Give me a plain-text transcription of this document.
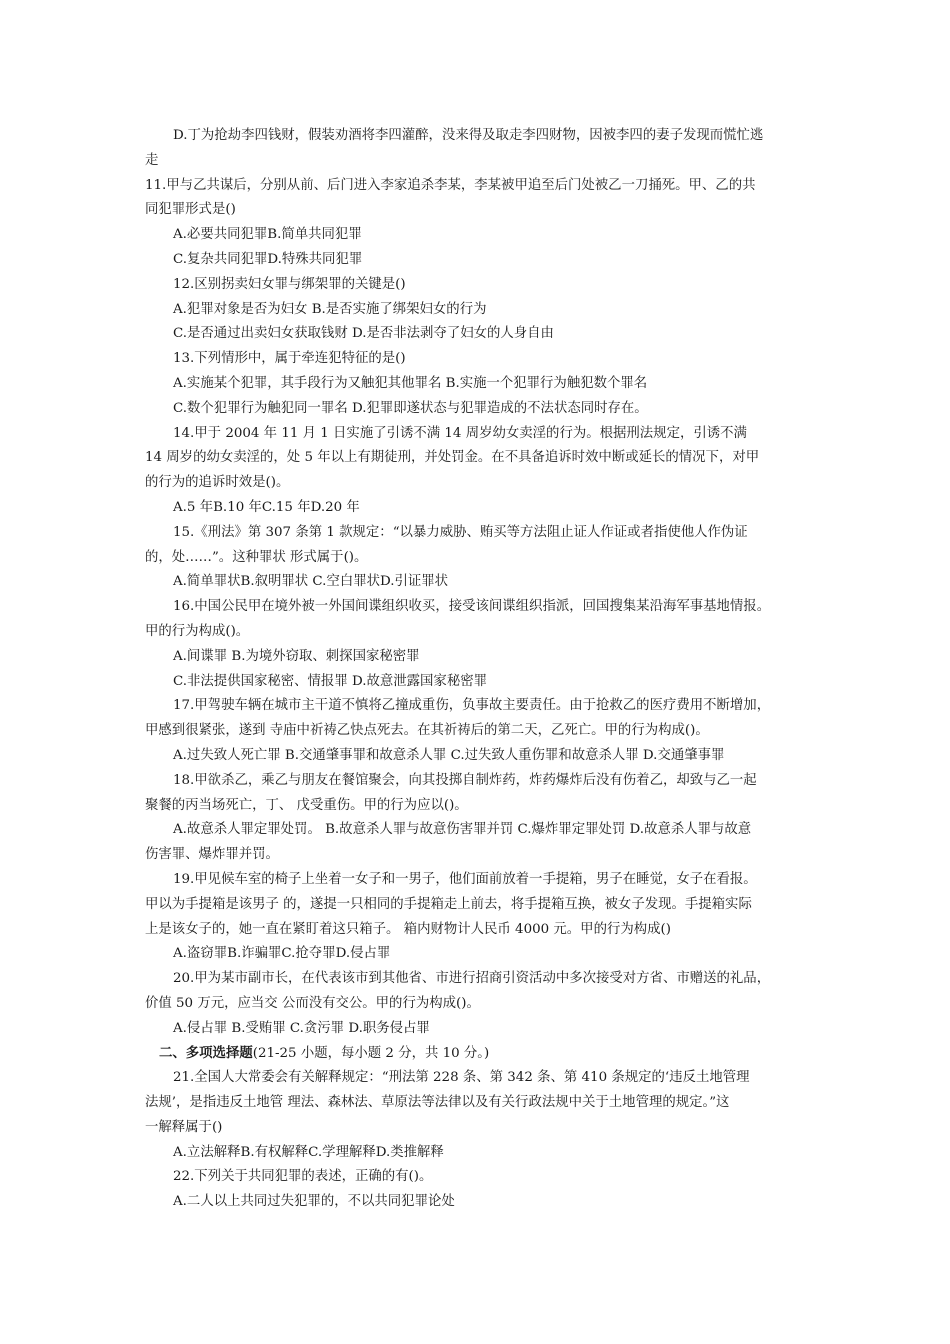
D.丁为抢劫李四钱财，假装劝酒将李四灌醉，没来得及取走李四财物，因被李四的妻子发现而慌忙逃
走
11.甲与乙共谋后，分别从前、后门进入李家追杀李某，李某被甲追至后门处被乙一刀捅死。甲、乙的共
同犯罪形式是()
A.必要共同犯罪B.简单共同犯罪
C.复杂共同犯罪D.特殊共同犯罪
12.区别拐卖妇女罪与绑架罪的关键是()
A.犯罪对象是否为妇女 B.是否实施了绑架妇女的行为
C.是否通过出卖妇女获取钱财 D.是否非法剥夺了妇女的人身自由
13.下列情形中，属于牵连犯特征的是()
A.实施某个犯罪，其手段行为又触犯其他罪名 B.实施一个犯罪行为触犯数个罪名
C.数个犯罪行为触犯同一罪名 D.犯罪即遂状态与犯罪造成的不法状态同时存在。
14.甲于 2004 年 11 月 1 日实施了引诱不满 14 周岁幼女卖淫的行为。根据刑法规定，引诱不满
14 周岁的幼女卖淫的，处 5 年以上有期徒刑，并处罚金。在不具备追诉时效中断或延长的情况下，对甲
的行为的追诉时效是()。
A.5 年B.10 年C.15 年D.20 年
15.《刑法》第 307 条第 1 款规定：“以暴力威胁、贿买等方法阻止证人作证或者指使他人作伪证
的，处……”。这种罪状 形式属于()。
A.简单罪状B.叙明罪状 C.空白罪状D.引证罪状
16.中国公民甲在境外被一外国间谍组织收买，接受该间谍组织指派，回国搜集某沿海军事基地情报。
甲的行为构成()。
A.间谍罪 B.为境外窃取、刺探国家秘密罪
C.非法提供国家秘密、情报罪 D.故意泄露国家秘密罪
17.甲驾驶车辆在城市主干道不慎将乙撞成重伤，负事故主要责任。由于抢救乙的医疗费用不断增加，
甲感到很紧张，遂到 寺庙中祈祷乙快点死去。在其祈祷后的第二天，乙死亡。甲的行为构成()。
A.过失致人死亡罪 B.交通肇事罪和故意杀人罪 C.过失致人重伤罪和故意杀人罪 D.交通肇事罪
18.甲欲杀乙，乘乙与朋友在餐馆聚会，向其投掷自制炸药，炸药爆炸后没有伤着乙，却致与乙一起
聚餐的丙当场死亡，丁、 戊受重伤。甲的行为应以()。
A.故意杀人罪定罪处罚。 B.故意杀人罪与故意伤害罪并罚 C.爆炸罪定罪处罚 D.故意杀人罪与故意
伤害罪、爆炸罪并罚。
19.甲见候车室的椅子上坐着一女子和一男子，他们面前放着一手提箱，男子在睡觉，女子在看报。
甲以为手提箱是该男子 的，遂提一只相同的手提箱走上前去，将手提箱互换，被女子发现。手提箱实际
上是该女子的，她一直在紧盯着这只箱子。 箱内财物计人民币 4000 元。甲的行为构成()
A.盗窃罪B.诈骗罪C.抢夺罪D.侵占罪
20.甲为某市副市长，在代表该市到其他省、市进行招商引资活动中多次接受对方省、市赠送的礼品，
价值 50 万元，应当交 公而没有交公。甲的行为构成()。
A.侵占罪 B.受贿罪 C.贪污罪 D.职务侵占罪
二、多项选择题(21-25 小题，每小题 2 分，共 10 分。)
21.全国人大常委会有关解释规定：“刑法第 228 条、第 342 条、第 410 条规定的‘违反土地管理
法规’，是指违反土地管 理法、森林法、草原法等法律以及有关行政法规中关于土地管理的规定。”这
一解释属于()
A.立法解释B.有权解释C.学理解释D.类推解释
22.下列关于共同犯罪的表述，正确的有()。
A.二人以上共同过失犯罪的，不以共同犯罪论处
